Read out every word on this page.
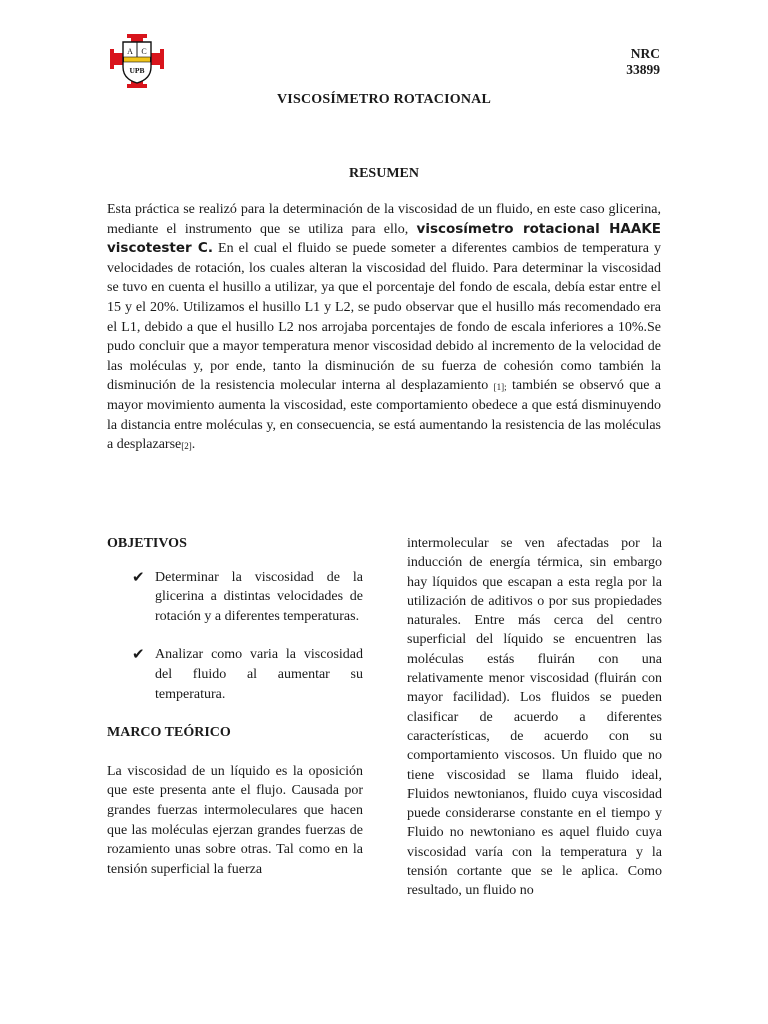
A C
UPB
NRC
33899
VISCOSÍMETRO ROTACIONAL
RESUMEN
Esta práctica se realizó para la determinación de la viscosidad de un fluido, en este caso glicerina, mediante el instrumento que se utiliza para ello, viscosímetro rotacional HAAKE viscotester C. En el cual el fluido se puede someter a diferentes cambios de temperatura y velocidades de rotación, los cuales alteran la viscosidad del fluido. Para determinar la viscosidad se tuvo en cuenta el husillo a utilizar, ya que el porcentaje del fondo de escala, debía estar entre el 15 y el 20%. Utilizamos el husillo L1 y L2, se pudo observar que el husillo más recomendado era el L1, debido a que el husillo L2 nos arrojaba porcentajes de fondo de escala inferiores a 10%.Se pudo concluir que a mayor temperatura menor viscosidad debido al incremento de la velocidad de las moléculas y, por ende, tanto la disminución de su fuerza de cohesión como también la disminución de la resistencia molecular interna al desplazamiento $_{[1];}$ también se observó que a mayor movimiento aumenta la viscosidad, este comportamiento obedece a que está disminuyendo la distancia entre moléculas y, en consecuencia, se está aumentando la resistencia de las moléculas a desplazarse$_{[2]}$.

OBJETIVOS

✔ Determinar la viscosidad de la glicerina a distintas velocidades de rotación y a diferentes temperaturas.
✔ Analizar como varia la viscosidad del fluido al aumentar su temperatura.

MARCO TEÓRICO

La viscosidad de un líquido es la oposición que este presenta ante el flujo. Causada por grandes fuerzas intermoleculares que hacen que las moléculas ejerzan grandes fuerzas de rozamiento unas sobre otras. Tal como en la tensión superficial la fuerza

intermolecular se ven afectadas por la inducción de energía térmica, sin embargo hay líquidos que escapan a esta regla por la utilización de aditivos o por sus propiedades naturales. Entre más cerca del centro superficial del líquido se encuentren las moléculas estás fluirán con una relativamente menor viscosidad (fluirán con mayor facilidad). Los fluidos se pueden clasificar de acuerdo a diferentes características, de acuerdo con su comportamiento viscosos. Un fluido que no tiene viscosidad se llama fluido ideal, Fluidos newtonianos, fluido cuya viscosidad puede considerarse constante en el tiempo y Fluido no newtoniano es aquel fluido cuya viscosidad varía con la temperatura y la tensión cortante que se le aplica. Como resultado, un fluido no
